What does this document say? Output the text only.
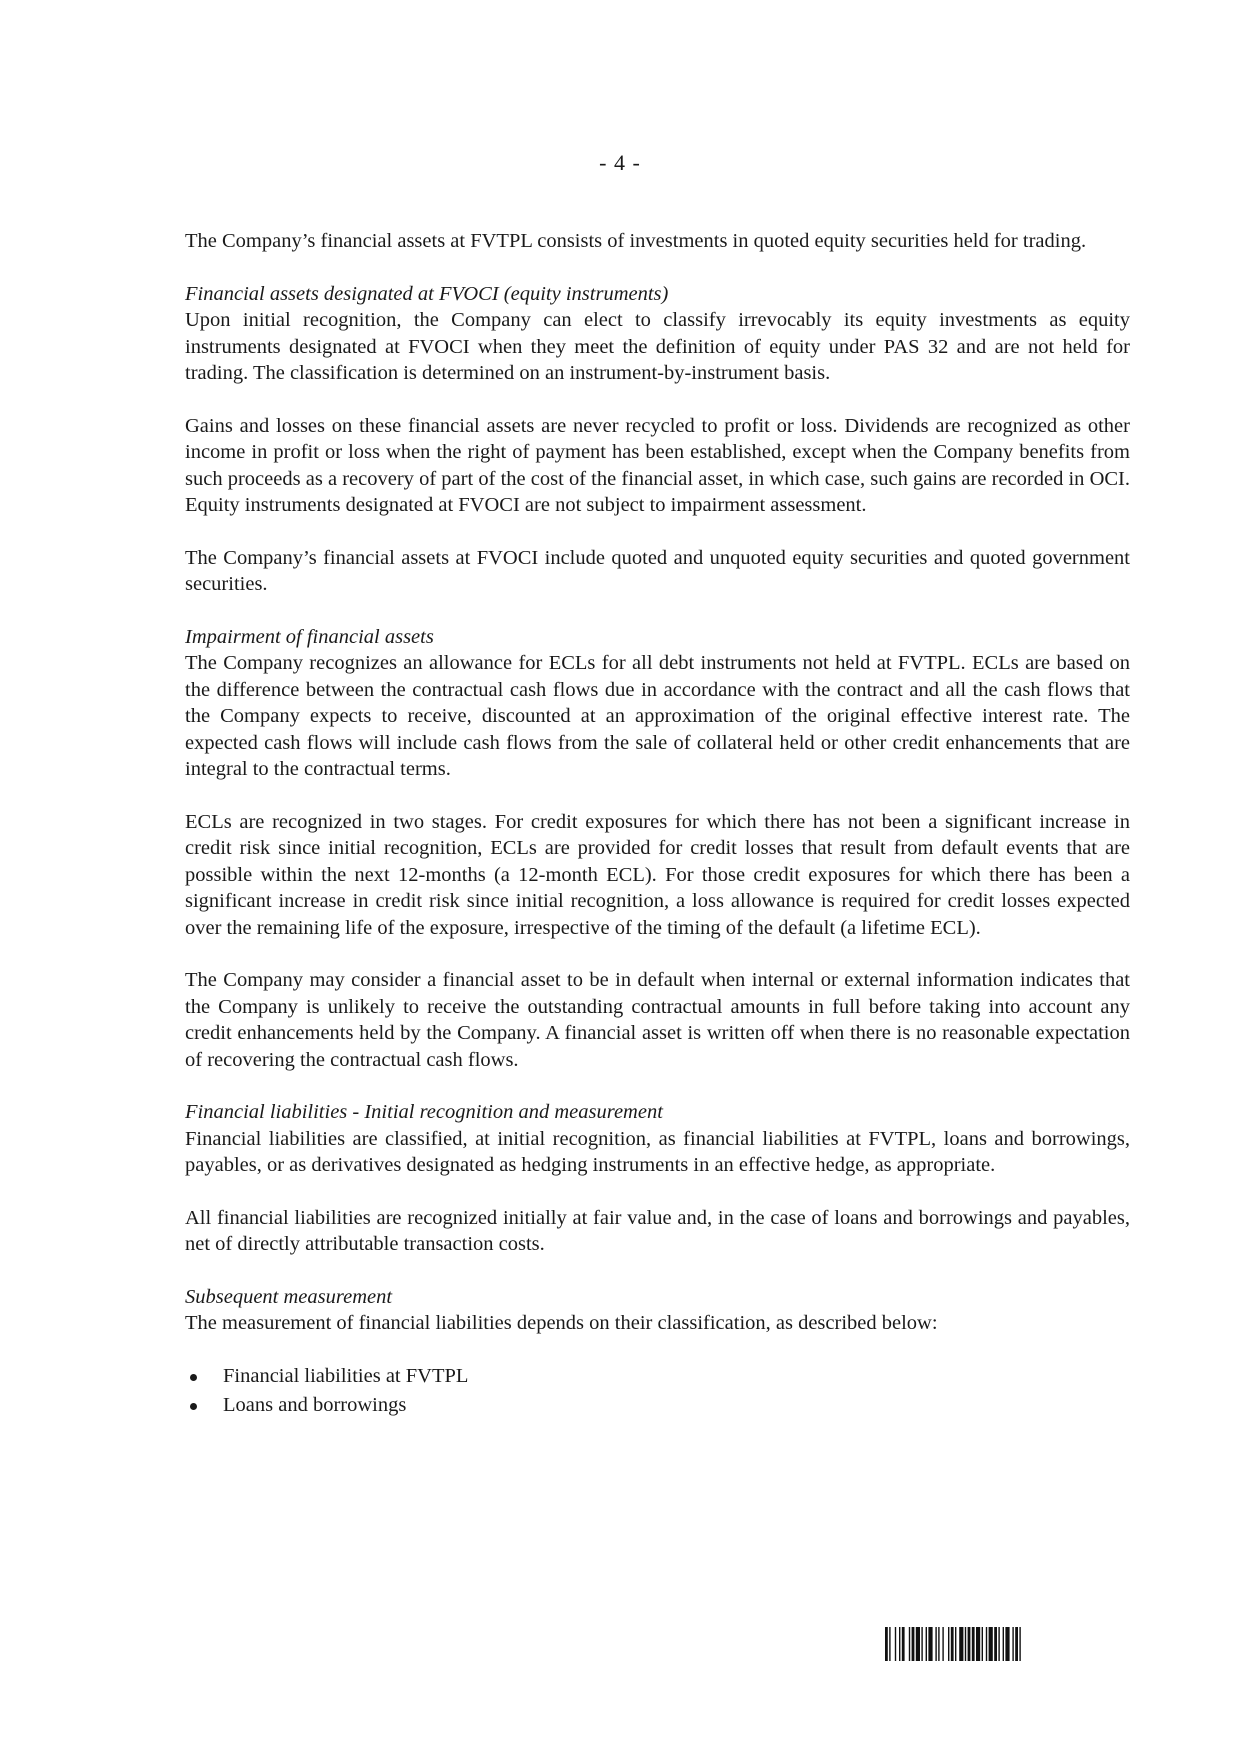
- 4 -

The Company’s financial assets at FVTPL consists of investments in quoted equity securities held for trading.

Financial assets designated at FVOCI (equity instruments)

Upon initial recognition, the Company can elect to classify irrevocably its equity investments as equity instruments designated at FVOCI when they meet the definition of equity under PAS 32 and are not held for trading. The classification is determined on an instrument-by-instrument basis.

Gains and losses on these financial assets are never recycled to profit or loss. Dividends are recognized as other income in profit or loss when the right of payment has been established, except when the Company benefits from such proceeds as a recovery of part of the cost of the financial asset, in which case, such gains are recorded in OCI. Equity instruments designated at FVOCI are not subject to impairment assessment.

The Company’s financial assets at FVOCI include quoted and unquoted equity securities and quoted government securities.

Impairment of financial assets

The Company recognizes an allowance for ECLs for all debt instruments not held at FVTPL. ECLs are based on the difference between the contractual cash flows due in accordance with the contract and all the cash flows that the Company expects to receive, discounted at an approximation of the original effective interest rate. The expected cash flows will include cash flows from the sale of collateral held or other credit enhancements that are integral to the contractual terms.

ECLs are recognized in two stages. For credit exposures for which there has not been a significant increase in credit risk since initial recognition, ECLs are provided for credit losses that result from default events that are possible within the next 12-months (a 12-month ECL). For those credit exposures for which there has been a significant increase in credit risk since initial recognition, a loss allowance is required for credit losses expected over the remaining life of the exposure, irrespective of the timing of the default (a lifetime ECL).

The Company may consider a financial asset to be in default when internal or external information indicates that the Company is unlikely to receive the outstanding contractual amounts in full before taking into account any credit enhancements held by the Company. A financial asset is written off when there is no reasonable expectation of recovering the contractual cash flows.

Financial liabilities - Initial recognition and measurement

Financial liabilities are classified, at initial recognition, as financial liabilities at FVTPL, loans and borrowings, payables, or as derivatives designated as hedging instruments in an effective hedge, as appropriate.

All financial liabilities are recognized initially at fair value and, in the case of loans and borrowings and payables, net of directly attributable transaction costs.

Subsequent measurement

The measurement of financial liabilities depends on their classification, as described below:

Financial liabilities at FVTPL
Loans and borrowings
